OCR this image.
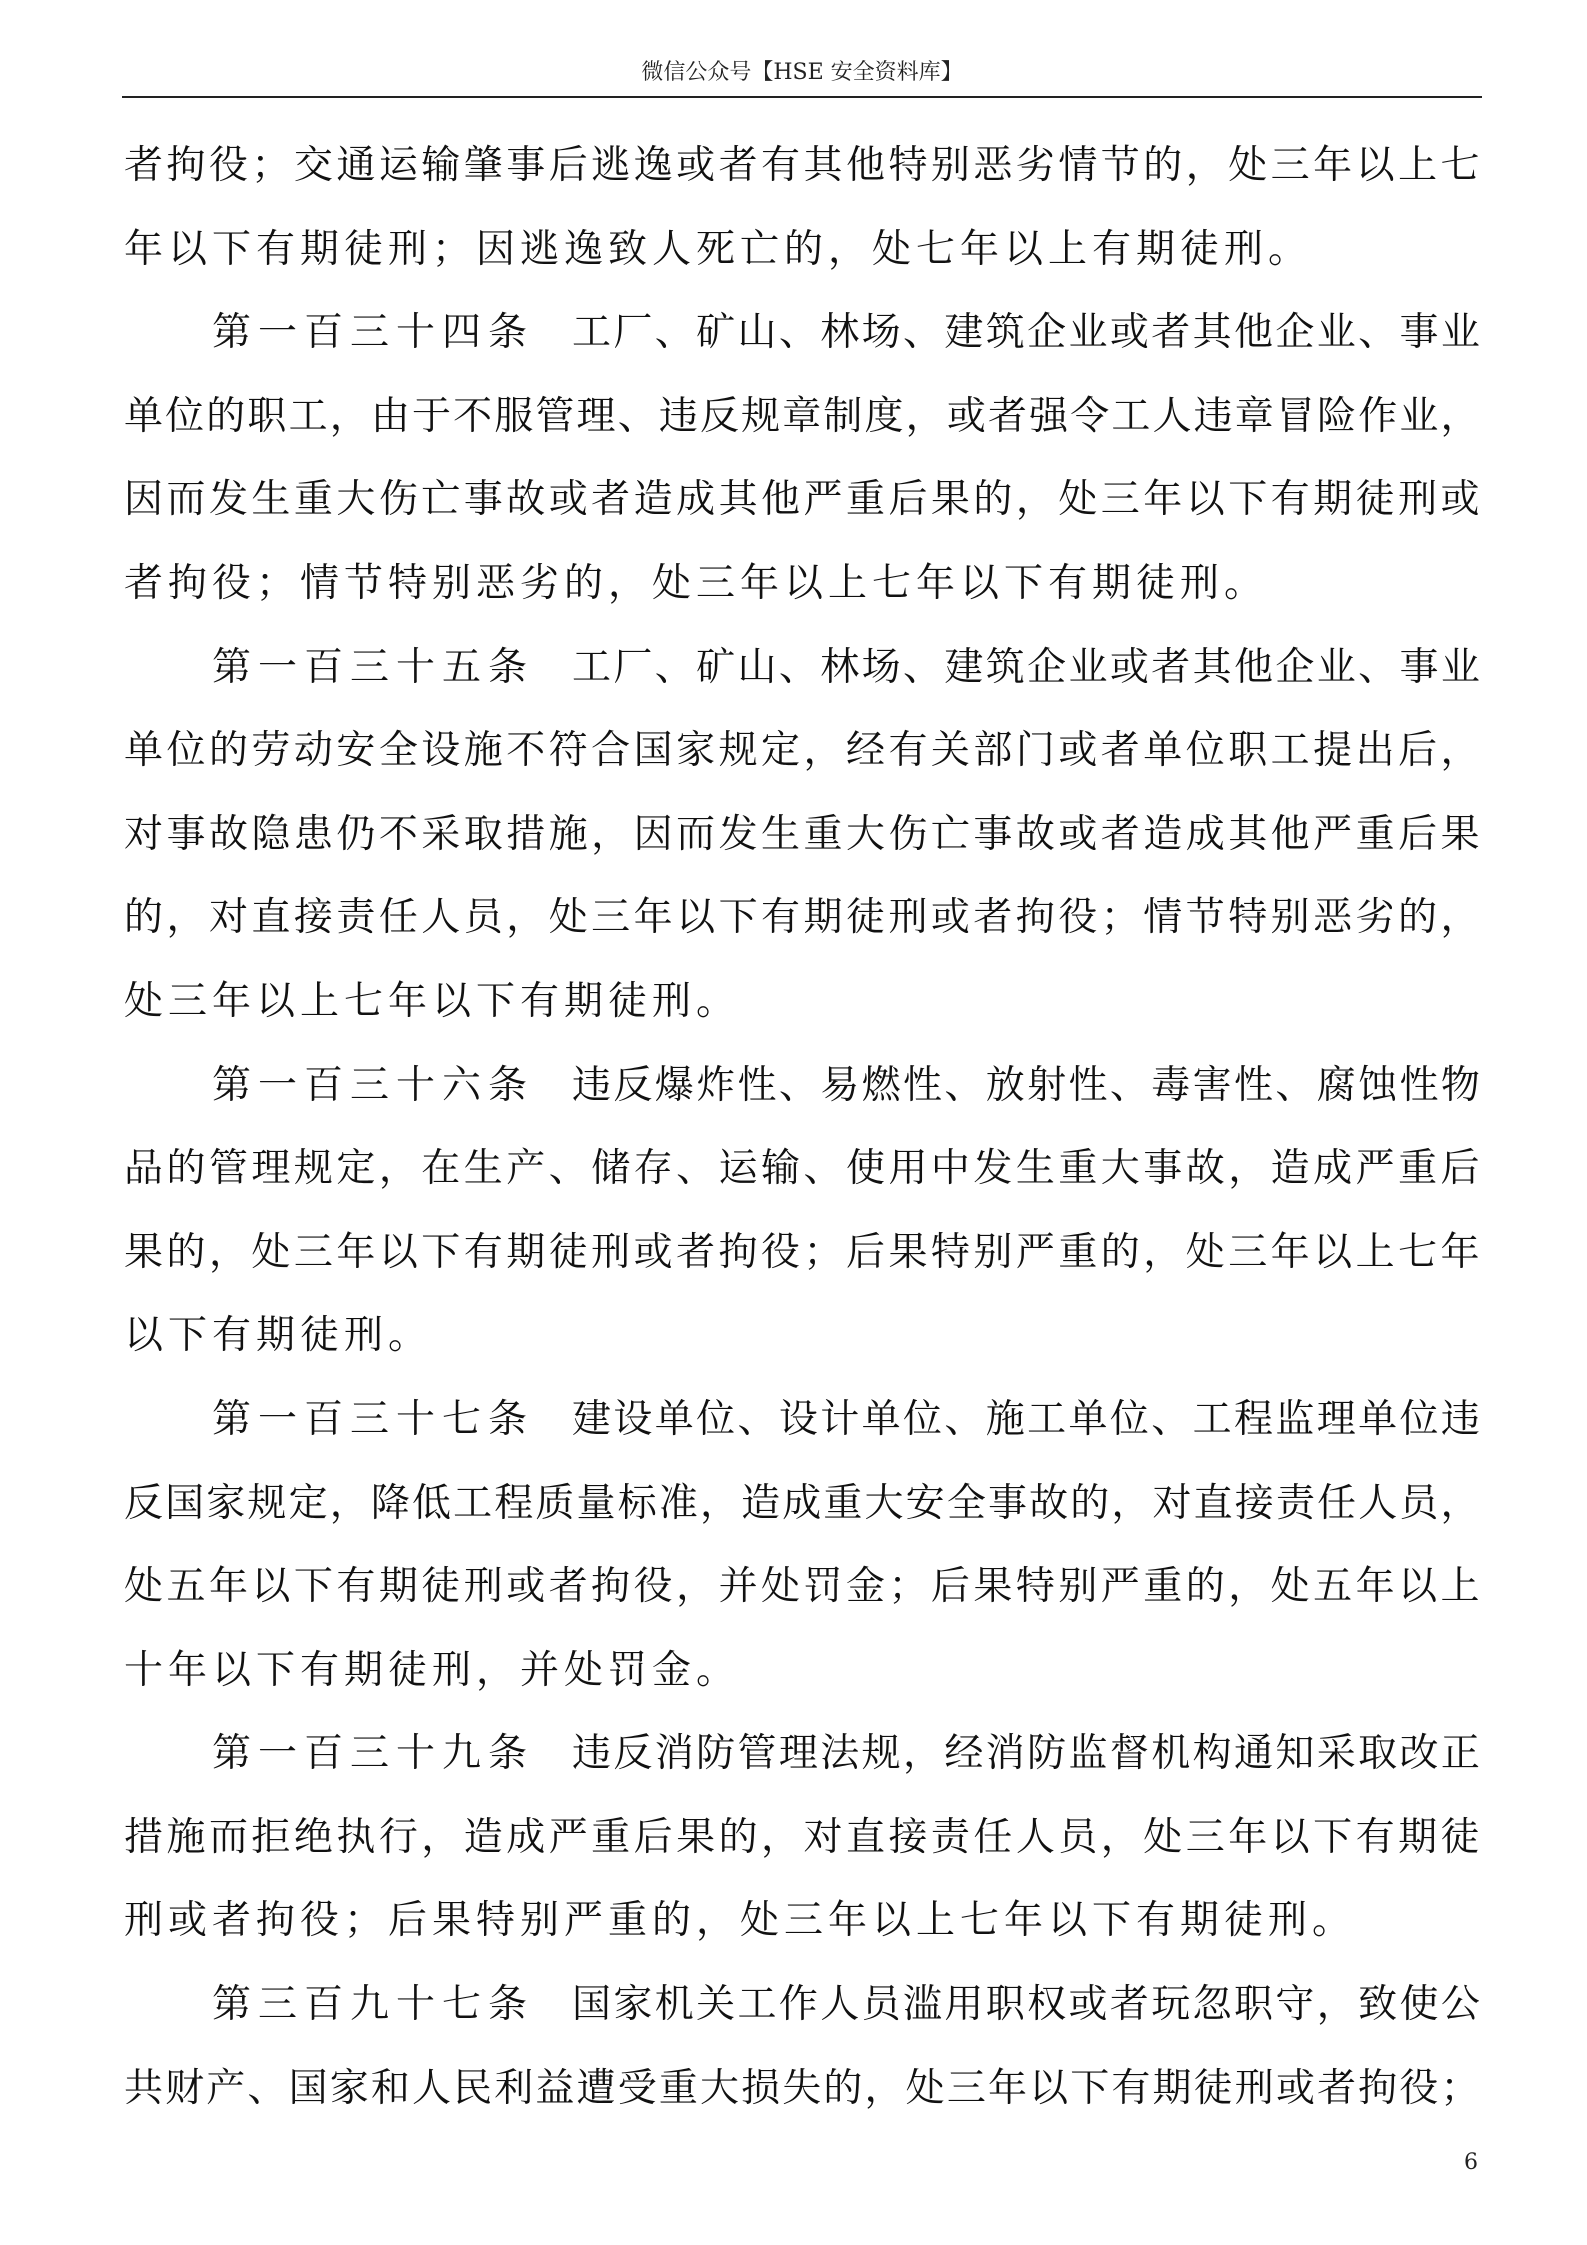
微信公众号【HSE 安全资料库】
者 拘 役 ； 交 通 运 输 肇 事 后 逃 逸 或 者 有 其 他 特 别 恶 劣 情 节 的 ， 处 三 年 以 上 七
年以下有期徒刑；因逃逸致人死亡的，处七年以上有期徒刑。
第一百三十四条 工 厂 、 矿 山 、 林 场 、 建 筑 企 业 或 者 其 他 企 业 、 事 业
单 位 的 职 工 ， 由 于 不 服 管 理 、 违 反 规 章 制 度 ， 或 者 强 令 工 人 违 章 冒 险 作 业 ，
因 而 发 生 重 大 伤 亡 事 故 或 者 造 成 其 他 严 重 后 果 的 ， 处 三 年 以 下 有 期 徒 刑 或
者拘役；情节特别恶劣的，处三年以上七年以下有期徒刑。
第一百三十五条 工 厂 、 矿 山 、 林 场 、 建 筑 企 业 或 者 其 他 企 业 、 事 业
单 位 的 劳 动 安 全 设 施 不 符 合 国 家 规 定 ， 经 有 关 部 门 或 者 单 位 职 工 提 出 后 ，
对 事 故 隐 患 仍 不 采 取 措 施 ， 因 而 发 生 重 大 伤 亡 事 故 或 者 造 成 其 他 严 重 后 果
的 ， 对 直 接 责 任 人 员 ， 处 三 年 以 下 有 期 徒 刑 或 者 拘 役 ； 情 节 特 别 恶 劣 的 ，
处三年以上七年以下有期徒刑。
第一百三十六条 违 反 爆 炸 性 、 易 燃 性 、 放 射 性 、 毒 害 性 、 腐 蚀 性 物
品 的 管 理 规 定 ， 在 生 产 、 储 存 、 运 输 、 使 用 中 发 生 重 大 事 故 ， 造 成 严 重 后
果 的 ， 处 三 年 以 下 有 期 徒 刑 或 者 拘 役 ； 后 果 特 别 严 重 的 ， 处 三 年 以 上 七 年
以下有期徒刑。
第一百三十七条 建 设 单 位 、 设 计 单 位 、 施 工 单 位 、 工 程 监 理 单 位 违
反 国 家 规 定 ， 降 低 工 程 质 量 标 准 ， 造 成 重 大 安 全 事 故 的 ， 对 直 接 责 任 人 员 ，
处 五 年 以 下 有 期 徒 刑 或 者 拘 役 ， 并 处 罚 金 ； 后 果 特 别 严 重 的 ， 处 五 年 以 上
十年以下有期徒刑，并处罚金。
第一百三十九条 违 反 消 防 管 理 法 规 ， 经 消 防 监 督 机 构 通 知 采 取 改 正
措 施 而 拒 绝 执 行 ， 造 成 严 重 后 果 的 ， 对 直 接 责 任 人 员 ， 处 三 年 以 下 有 期 徒
刑或者拘役；后果特别严重的，处三年以上七年以下有期徒刑。
第三百九十七条 国 家 机 关 工 作 人 员 滥 用 职 权 或 者 玩 忽 职 守 ， 致 使 公
共 财 产 、 国 家 和 人 民 利 益 遭 受 重 大 损 失 的 ， 处 三 年 以 下 有 期 徒 刑 或 者 拘 役 ；
6
